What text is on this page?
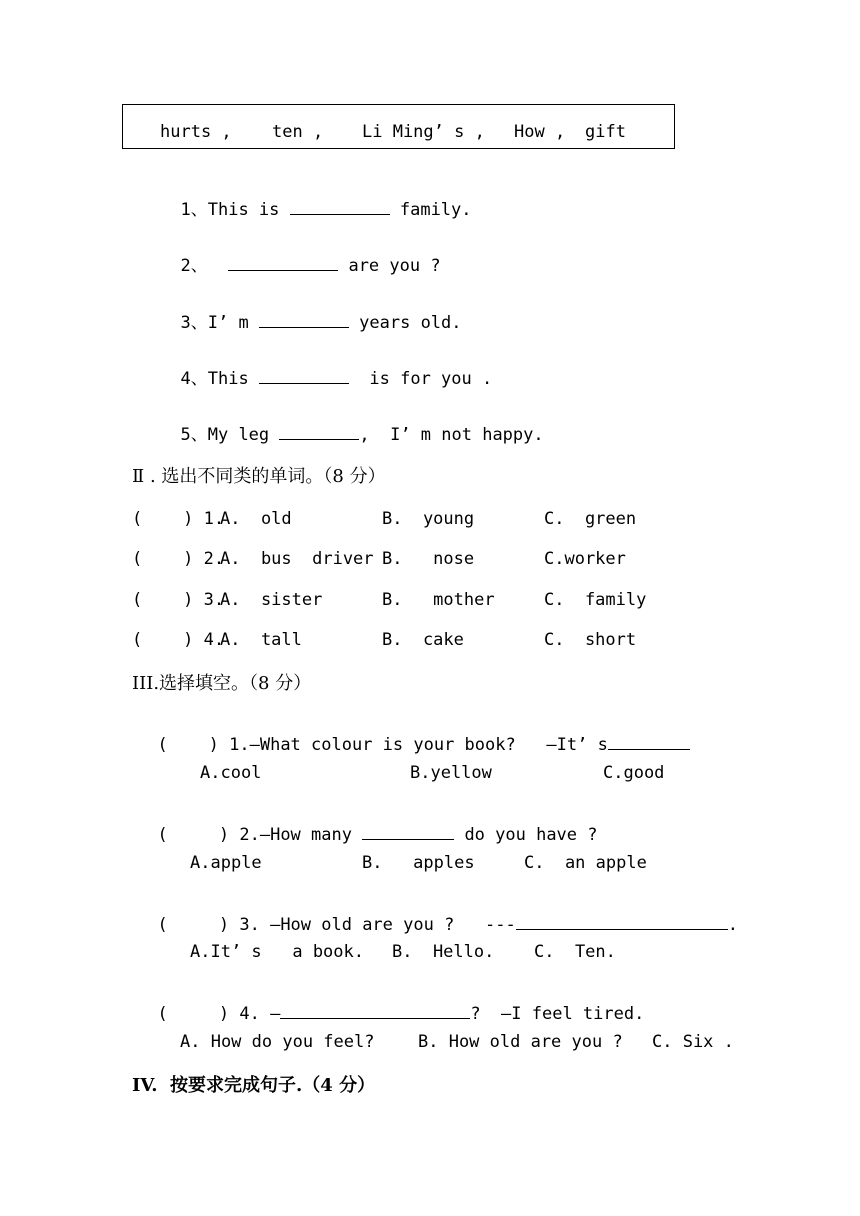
hurts , ten , Li Ming’ s , How , gift

1、This is	family.

2、	are you ?

3、I’ m	years old.

4、This	is for you .

5、My leg	,  I’ m not happy.

Ⅱ . 选出不同类的单词。（8 分）
(    ) 1.
A.  old	B.  young	C.  green
(    ) 2.
A.  bus  driver B.   nose	C.worker
(    ) 3.
A.  sister	B.   mother	C.  family
(    ) 4.
A.  tall	B.  cake	C.  short
III.选择填空。（8 分）

(    ) 1.—What colour is your book?   —It’ s

A.cool	B.yellow	C.good

(     ) 2.—How many	do you have ?

A.apple	B.   apples	C.  an apple

(     ) 3. —How old are you ?   ---	.

A.It’ s   a book. B.  Hello. C.  Ten.

(     ) 4. —	?  —I feel tired.

A. How do you feel?	B. How old are you ? C. Six .
IV.  按要求完成句子.（4 分）
